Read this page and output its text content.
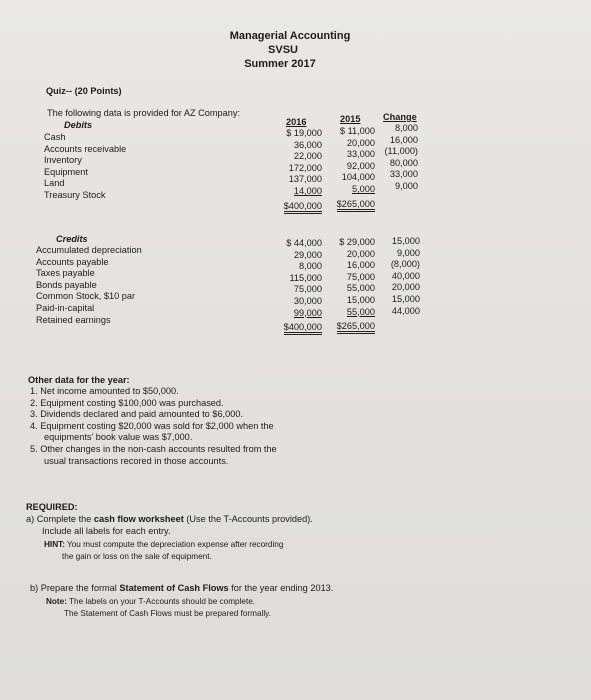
Managerial Accounting
SVSU
Summer 2017
Quiz-- (20 Points)
The following data is provided for AZ Company:
Debits
Cash
Accounts receivable
Inventory
Equipment
Land
Treasury Stock
2016	2015 Change
$ 19,000
36,000
22,000
172,000
137,000
14,000
$400,000
$ 11,000
20,000
33,000
92,000
104,000
5,000
$265,000
8,000
16,000
(11,000)
80,000
33,000
9,000
Credits
Accumulated depreciation
Accounts payable
Taxes payable
Bonds payable
Common Stock, $10 par
Paid-in-capital
Retained earnings
$ 44,000
29,000
8,000
115,000
75,000
30,000
99,000
$400,000
$ 29,000
20,000
16,000
75,000
55,000
15,000
55,000
$265,000
15,000
9,000
(8,000)
40,000
20,000
15,000
44,000
Other data for the year:
1. Net income amounted to $50,000.
2. Equipment costing $100,000 was purchased.
3. Dividends declared and paid amounted to $6,000.
4. Equipment costing $20,000 was sold for $2,000 when the
equipments' book value was $7,000.
5. Other changes in the non-cash accounts resulted from the
usual transactions recored in those accounts.
REQUIRED:
a) Complete the cash flow worksheet (Use the T-Accounts provided).
Include all labels for each entry.
HINT: You must compute the depreciation expense after recording
the gain or loss on the sale of equipment.
b) Prepare the formal Statement of Cash Flows for the year ending 2013.
Note: The labels on your T-Accounts should be complete.
The Statement of Cash Flows must be prepared formally.
